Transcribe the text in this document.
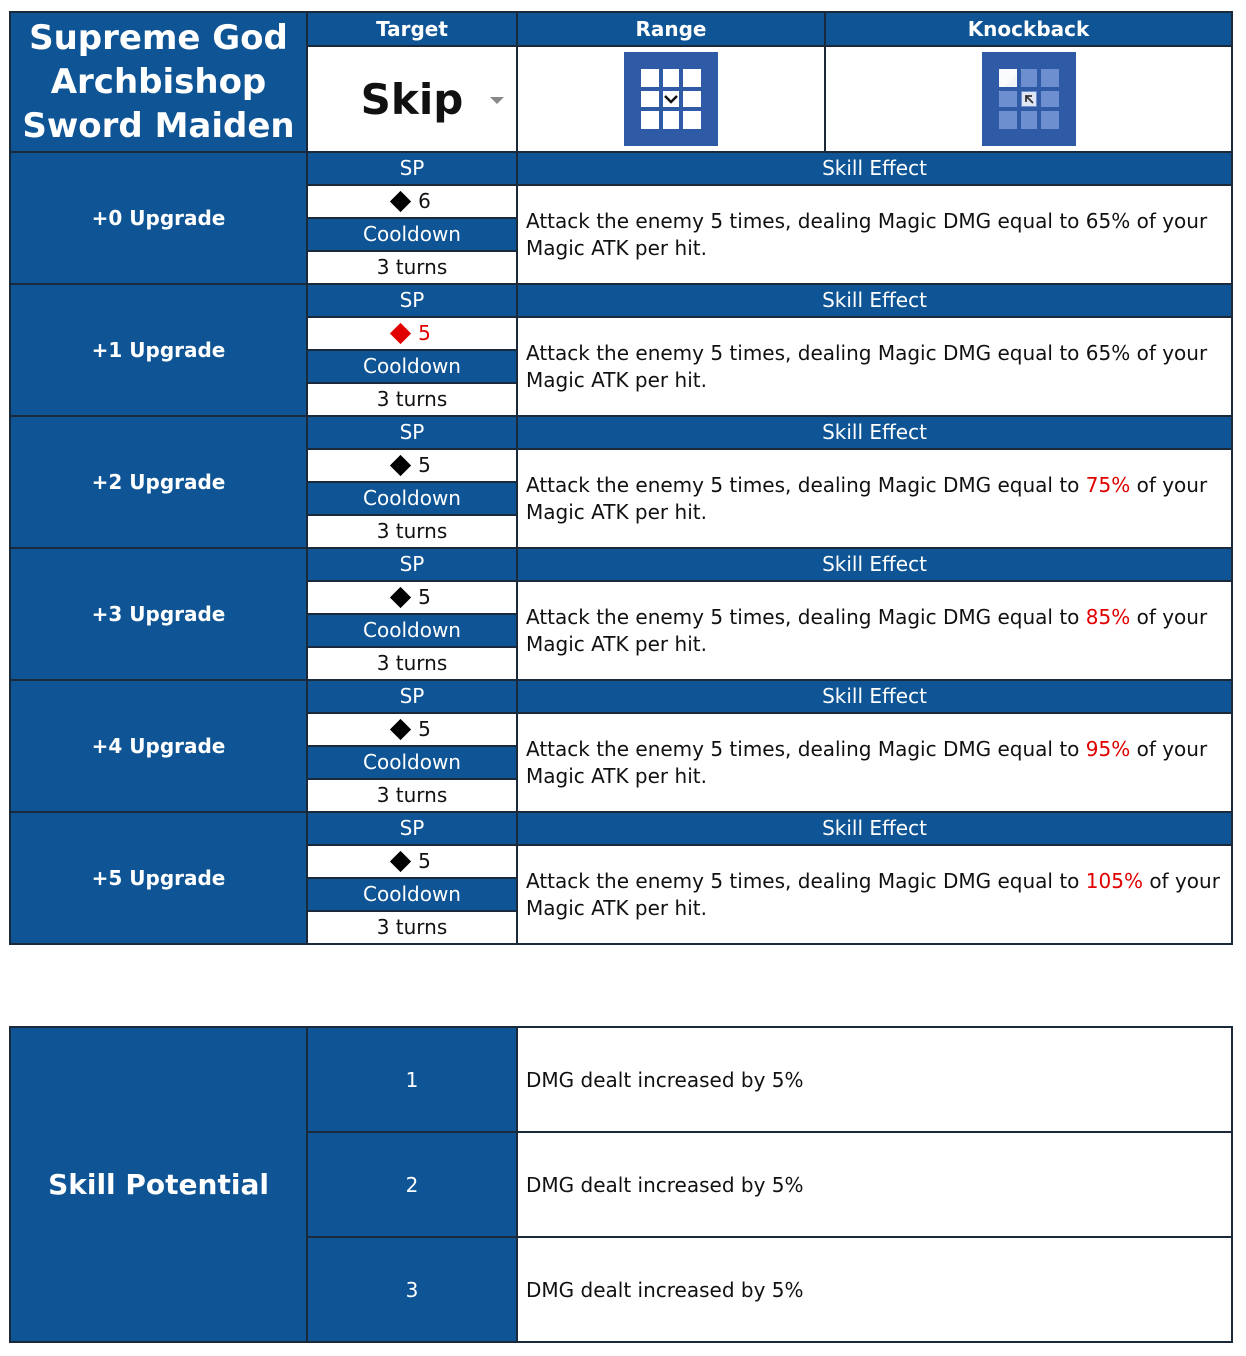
Supreme God
Archbishop
Sword Maiden	Target	Range	Knockback

	Skip

+0 Upgrade	SP	Skill Effect	
	6	Attack the enemy 5 times, dealing Magic DMG equal to 65% of your Magic ATK per hit.	
	Cooldown		
	3 turns		
+1 Upgrade	SP	Skill Effect	
	5	Attack the enemy 5 times, dealing Magic DMG equal to 65% of your Magic ATK per hit.	
	Cooldown		
	3 turns		
+2 Upgrade	SP	Skill Effect	
	5	Attack the enemy 5 times, dealing Magic DMG equal to 75% of your Magic ATK per hit.	
	Cooldown		
	3 turns		
+3 Upgrade	SP	Skill Effect	
	5	Attack the enemy 5 times, dealing Magic DMG equal to 85% of your Magic ATK per hit.	
	Cooldown		
	3 turns		
+4 Upgrade	SP	Skill Effect	
	5	Attack the enemy 5 times, dealing Magic DMG equal to 95% of your Magic ATK per hit.	
	Cooldown		
	3 turns		
+5 Upgrade	SP	Skill Effect	
	5	Attack the enemy 5 times, dealing Magic DMG equal to 105% of your Magic ATK per hit.	
	Cooldown		
	3 turns		
Skill Potential	1	DMG dealt increased by 5%
	2	DMG dealt increased by 5%
	3	DMG dealt increased by 5%
